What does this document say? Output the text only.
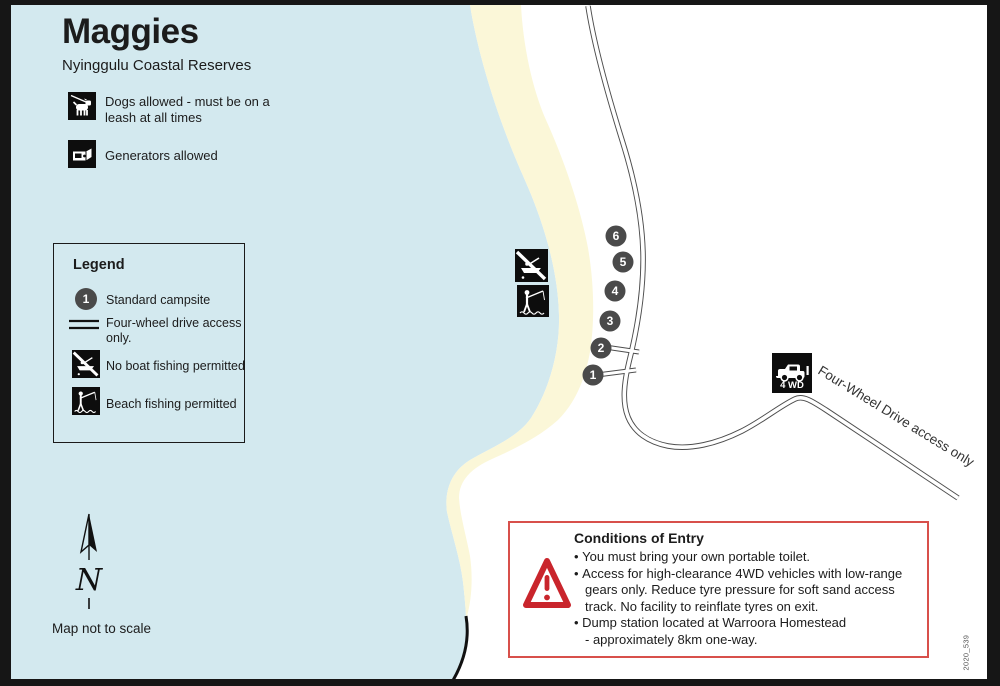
6
5
4
3
2
1
4 WD Four-Wheel Drive access only
Maggies
Nyinggulu Coastal Reserves
Dogs allowed - must be on a leash at all times
Generators allowed
Legend
1 Standard campsite
Four-wheel drive access only.
No boat fishing permitted
Beach fishing permitted
N
Map not to scale
Conditions of Entry
• You must bring your own portable toilet.
• Access for high-clearance 4WD vehicles with low-range gears only. Reduce tyre pressure for soft sand access track. No facility to reinflate tyres on exit.
• Dump station located at Warroora Homestead
- approximately 8km one-way.	2020_539
